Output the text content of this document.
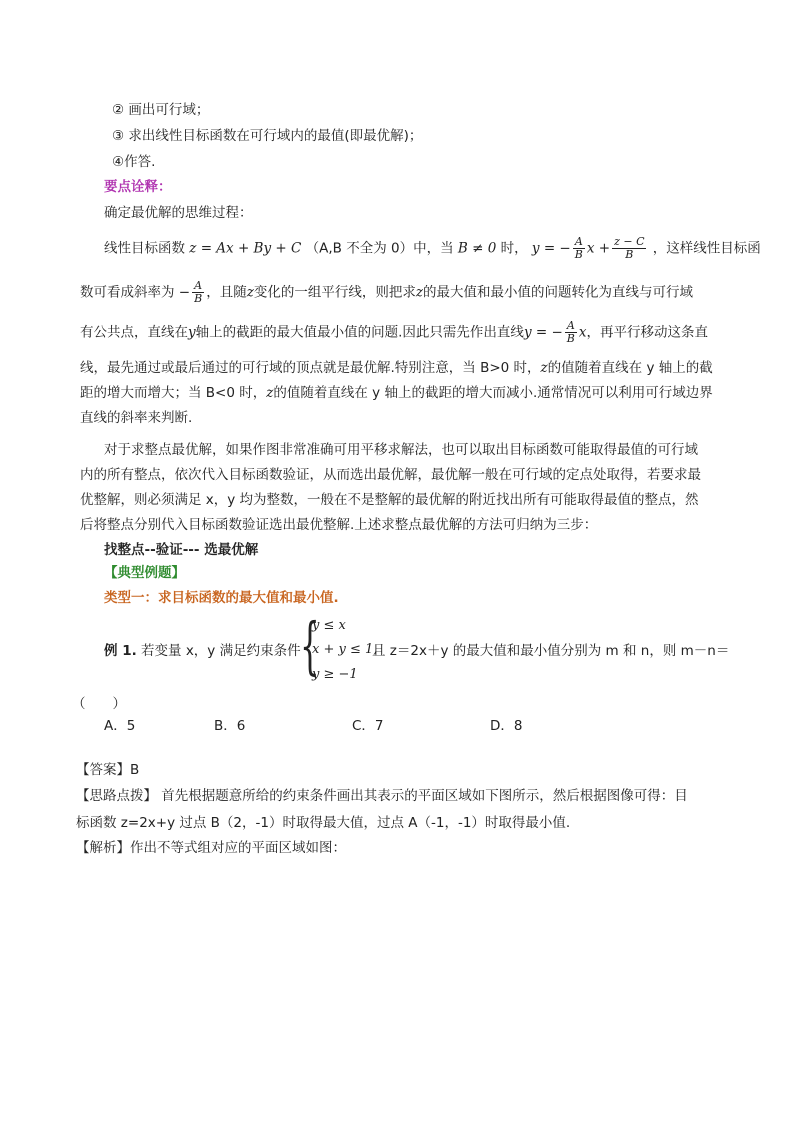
② 画出可行域；
③ 求出线性目标函数在可行域内的最值(即最优解)；
④作答.
要点诠释：
确定最优解的思维过程：
线性目标函数 z = Ax + By + C （A,B 不全为 0）中，当 B ≠ 0 时， y = − $\frac{A}{B}$ $x + \frac{z - C}{B}$ ，这样线性目标函
数可看成斜率为 − $\frac{A}{B}$ ，且随z变化的一组平行线，则把求z的最大值和最小值的问题转化为直线与可行域
有公共点，直线在y轴上的截距的最大值最小值的问题.因此只需先作出直线y = − $\frac{A}{B}$ x，再平行移动这条直
线，最先通过或最后通过的可行域的顶点就是最优解.特别注意，当 B>0 时，z的值随着直线在 y 轴上的截
距的增大而增大；当 B<0 时，z的值随着直线在 y 轴上的截距的增大而减小.通常情况可以利用可行域边界
直线的斜率来判断.
对于求整点最优解，如果作图非常准确可用平移求解法，也可以取出目标函数可能取得最值的可行域
内的所有整点，依次代入目标函数验证，从而选出最优解，最优解一般在可行域的定点处取得，若要求最
优整解，则必须满足 x，y 均为整数，一般在不是整解的最优解的附近找出所有可能取得最值的整点，然
后将整点分别代入目标函数验证选出最优整解.上述求整点最优解的方法可归纳为三步：
找整点--验证--- 选最优解
【典型例题】
类型一：求目标函数的最大值和最小值.
例 1. 若变量 x，y 满足约束条件 {
y ≤ x
x + y ≤ 1,
y ≥ −1
且 z＝2x＋y 的最大值和最小值分别为 m 和 n，则 m－n＝
（　　）
A．5	B．6	C．7	D．8
【答案】B
【思路点拨】 首先根据题意所给的约束条件画出其表示的平面区域如下图所示，然后根据图像可得：目
标函数 z=2x+y 过点 B（2，-1）时取得最大值，过点 A（-1，-1）时取得最小值.
【解析】作出不等式组对应的平面区域如图：
